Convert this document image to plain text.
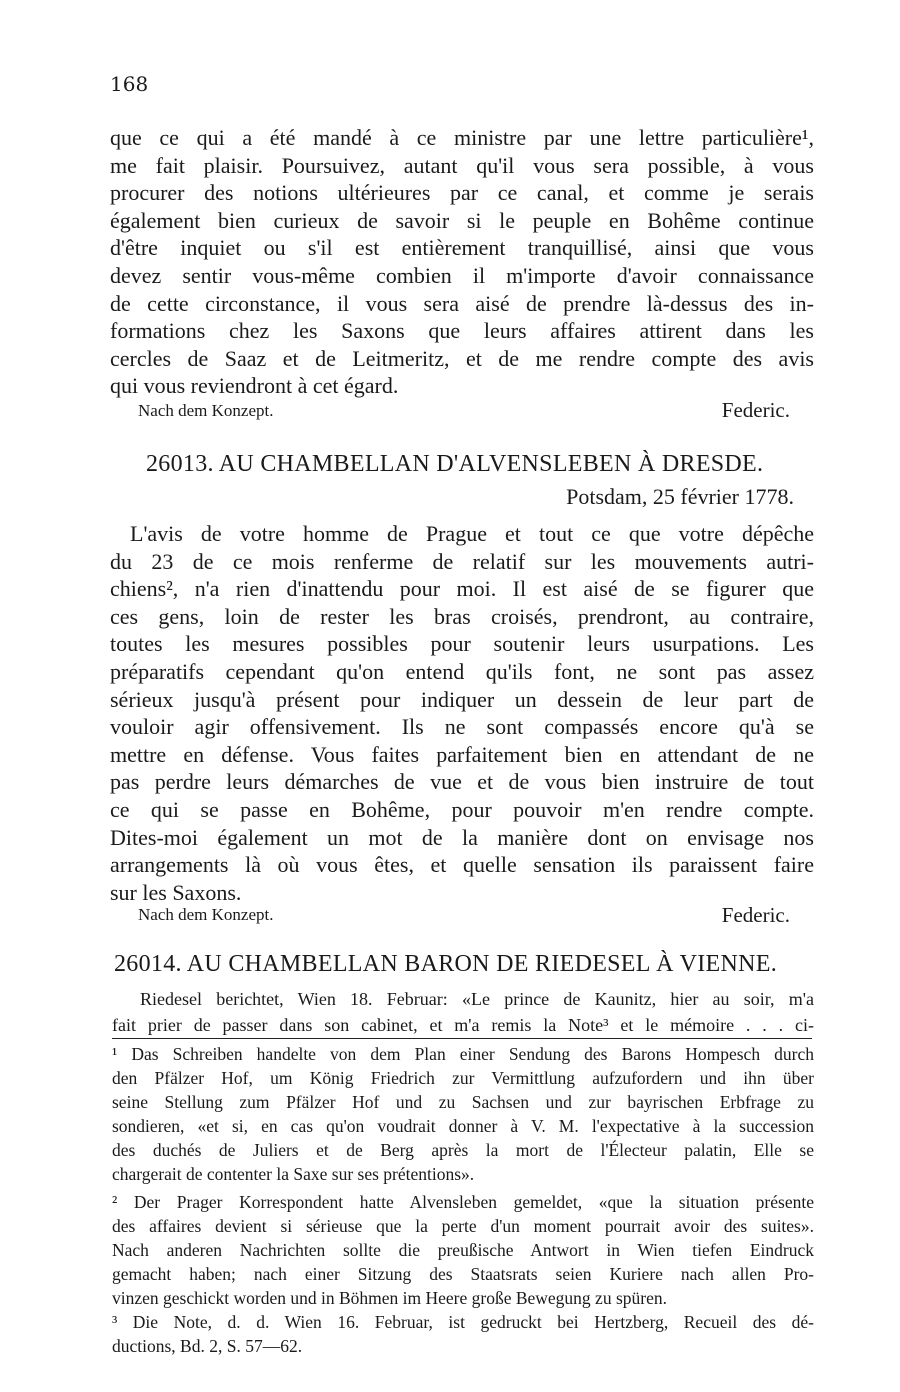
168
que ce qui a été mandé à ce ministre par une lettre particulière¹,
me fait plaisir. Poursuivez, autant qu'il vous sera possible, à vous
procurer des notions ultérieures par ce canal, et comme je serais
également bien curieux de savoir si le peuple en Bohême continue
d'être inquiet ou s'il est entièrement tranquillisé, ainsi que vous
devez sentir vous-même combien il m'importe d'avoir connaissance
de cette circonstance, il vous sera aisé de prendre là-dessus des in-
formations chez les Saxons que leurs affaires attirent dans les
cercles de Saaz et de Leitmeritz, et de me rendre compte des avis
qui vous reviendront à cet égard.
Nach dem Konzept.	Federic.
26013. AU CHAMBELLAN D'ALVENSLEBEN À DRESDE.
Potsdam, 25 février 1778.
L'avis de votre homme de Prague et tout ce que votre dépêche
du 23 de ce mois renferme de relatif sur les mouvements autri-
chiens², n'a rien d'inattendu pour moi. Il est aisé de se figurer que
ces gens, loin de rester les bras croisés, prendront, au contraire,
toutes les mesures possibles pour soutenir leurs usurpations. Les
préparatifs cependant qu'on entend qu'ils font, ne sont pas assez
sérieux jusqu'à présent pour indiquer un dessein de leur part de
vouloir agir offensivement. Ils ne sont compassés encore qu'à se
mettre en défense. Vous faites parfaitement bien en attendant de ne
pas perdre leurs démarches de vue et de vous bien instruire de tout
ce qui se passe en Bohême, pour pouvoir m'en rendre compte.
Dites-moi également un mot de la manière dont on envisage nos
arrangements là où vous êtes, et quelle sensation ils paraissent faire
sur les Saxons.
Nach dem Konzept.	Federic.
26014. AU CHAMBELLAN BARON DE RIEDESEL À VIENNE.
Riedesel berichtet, Wien 18. Februar: «Le prince de Kaunitz, hier au soir, m'a
fait prier de passer dans son cabinet, et m'a remis la Note³ et le mémoire . . . ci-
¹ Das Schreiben handelte von dem Plan einer Sendung des Barons Hompesch durch
den Pfälzer Hof, um König Friedrich zur Vermittlung aufzufordern und ihn über
seine Stellung zum Pfälzer Hof und zu Sachsen und zur bayrischen Erbfrage zu
sondieren, «et si, en cas qu'on voudrait donner à V. M. l'expectative à la succession
des duchés de Juliers et de Berg après la mort de l'Électeur palatin, Elle se
chargerait de contenter la Saxe sur ses prétentions».
² Der Prager Korrespondent hatte Alvensleben gemeldet, «que la situation présente
des affaires devient si sérieuse que la perte d'un moment pourrait avoir des suites».
Nach anderen Nachrichten sollte die preußische Antwort in Wien tiefen Eindruck
gemacht haben; nach einer Sitzung des Staatsrats seien Kuriere nach allen Pro-
vinzen geschickt worden und in Böhmen im Heere große Bewegung zu spüren.
³ Die Note, d. d. Wien 16. Februar, ist gedruckt bei Hertzberg, Recueil des dé-
ductions, Bd. 2, S. 57—62.
